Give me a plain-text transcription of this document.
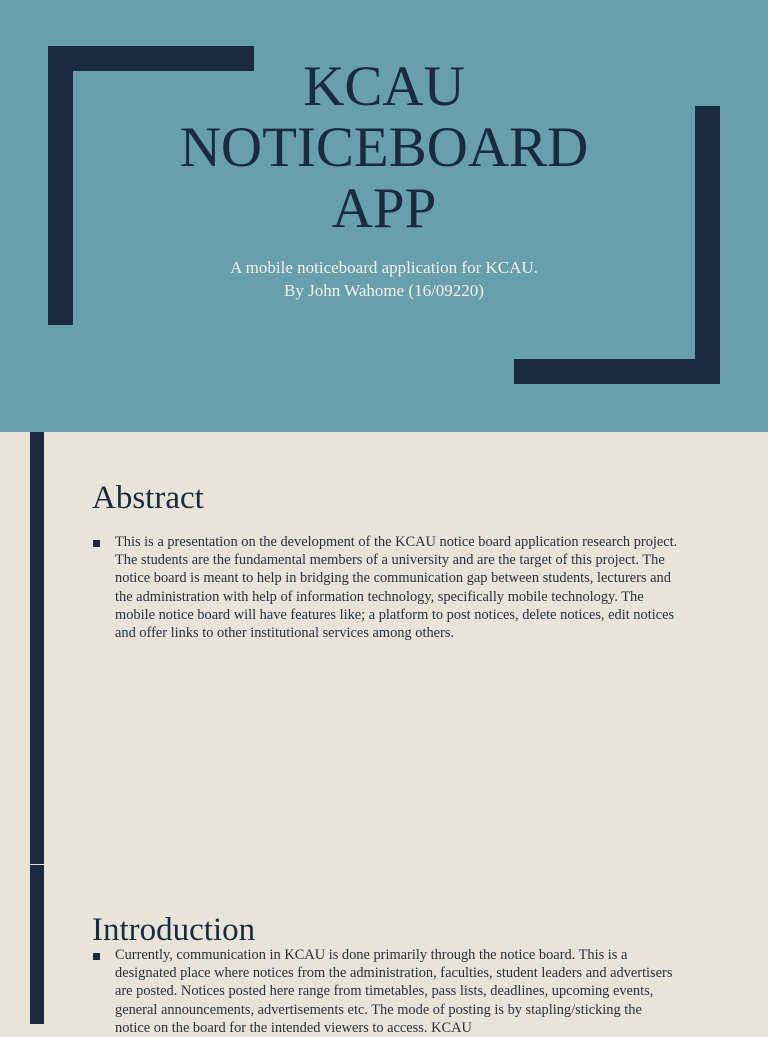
KCAU
NOTICEBOARD
APP
A mobile noticeboard application for KCAU.
By John Wahome (16/09220)
Abstract

This is a presentation on the development of the KCAU notice board application research project. The students are the fundamental members of a university and are the target of this project. The notice board is meant to help in bridging the communication gap between students, lecturers and the administration with help of information technology, specifically mobile technology. The mobile notice board will have features like; a platform to post notices, delete notices, edit notices and offer links to other institutional services among others.

Introduction

Currently, communication in KCAU is done primarily through the notice board. This is a designated place where notices from the administration, faculties, student leaders and advertisers are posted. Notices posted here range from timetables, pass lists, deadlines, upcoming events, general announcements, advertisements etc. The mode of posting is by stapling/sticking the notice on the board for the intended viewers to access. KCAU
